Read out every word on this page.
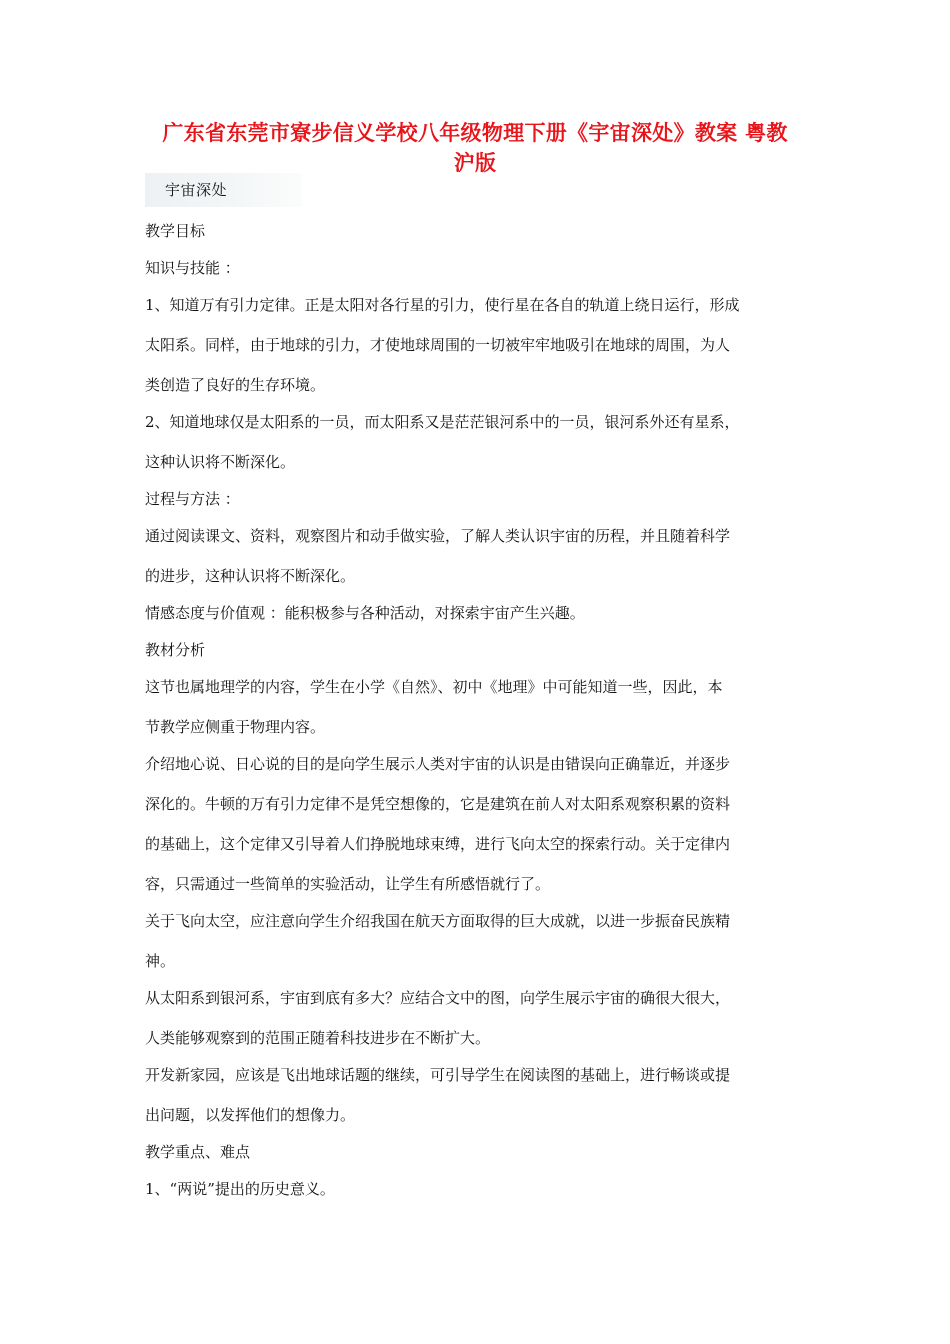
广东省东莞市寮步信义学校八年级物理下册《宇宙深处》教案 粤教
沪版
宇宙深处

教学目标

知识与技能 ：

1、知道万有引力定律。正是太阳对各行星的引力，使行星在各自的轨道上绕日运行，形成

太阳系。同样，由于地球的引力，才使地球周围的一切被牢牢地吸引在地球的周围，为人

类创造了良好的生存环境。

2、知道地球仅是太阳系的一员，而太阳系又是茫茫银河系中的一员，银河系外还有星系，

这种认识将不断深化。

过程与方法 ：

通过阅读课文、资料，观察图片和动手做实验，了解人类认识宇宙的历程，并且随着科学

的进步，这种认识将不断深化。

情感态度与价值观 ：能积极参与各种活动，对探索宇宙产生兴趣。

教材分析

这节也属地理学的内容，学生在小学《自然》、初中《地理》中可能知道一些，因此，本

节教学应侧重于物理内容。

介绍地心说、日心说的目的是向学生展示人类对宇宙的认识是由错误向正确靠近，并逐步

深化的。牛顿的万有引力定律不是凭空想像的，它是建筑在前人对太阳系观察积累的资料

的基础上，这个定律又引导着人们挣脱地球束缚，进行飞向太空的探索行动。关于定律内

容，只需通过一些简单的实验活动，让学生有所感悟就行了。

关于飞向太空，应注意向学生介绍我国在航天方面取得的巨大成就，以进一步振奋民族精

神。

从太阳系到银河系，宇宙到底有多大？应结合文中的图，向学生展示宇宙的确很大很大，

人类能够观察到的范围正随着科技进步在不断扩大。

开发新家园，应该是飞出地球话题的继续，可引导学生在阅读图的基础上，进行畅谈或提

出问题，以发挥他们的想像力。

教学重点、难点

1、“两说”提出的历史意义。
